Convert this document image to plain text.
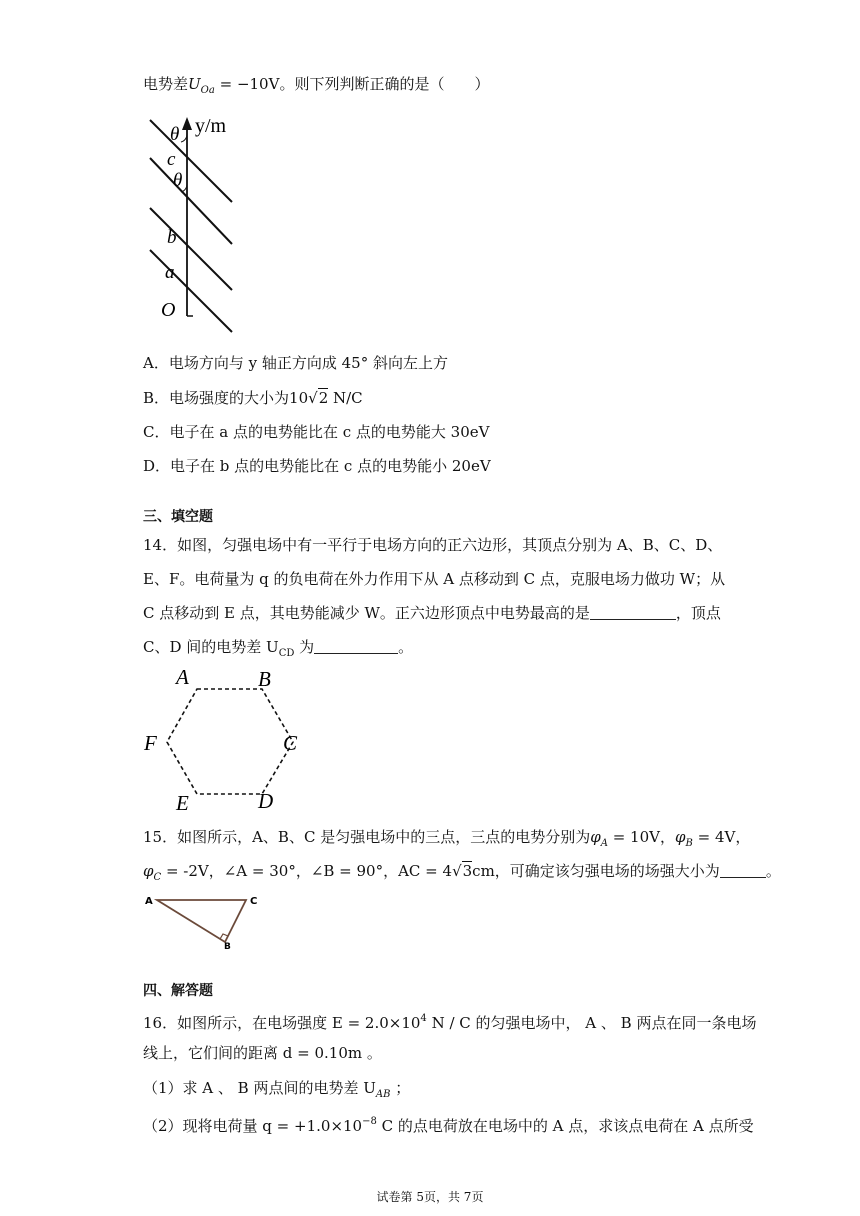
电势差$U_{Oa} = -10V$。则下列判断正确的是（　　）
θ y/m
c
θ
b
a
O
A．电场方向与 y 轴正方向成 45° 斜向左上方
B．电场强度的大小为10√2 N/C
C．电子在 a 点的电势能比在 c 点的电势能大 30eV
D．电子在 b 点的电势能比在 c 点的电势能小 20eV
三、填空题
14．如图，匀强电场中有一平行于电场方向的正六边形，其顶点分别为 A、B、C、D、
E、F。电荷量为 q 的负电荷在外力作用下从 A 点移动到 C 点，克服电场力做功 W；从
C 点移动到 E 点，其电势能减少 W。正六边形顶点中电势最高的是	，顶点
C、D 间的电势差 $U_{CD}$ 为	。
A	B
C
D
E
F
15．如图所示，A、B、C 是匀强电场中的三点，三点的电势分别为$\varphi_A = 10V$，$\varphi_B = 4V$，
$\varphi_C = -2V$，∠A = 30°，∠B = 90°，AC = 4√3cm，可确定该匀强电场的场强大小为	。
A	C
B
四、解答题
16．如图所示，在电场强度 $E = 2.0\times 10^4$ N / C 的匀强电场中， A 、 B 两点在同一条电场
线上，它们间的距离 d = 0.10m 。
（1）求 A 、 B 两点间的电势差 $U_{AB}$ ；
（2）现将电荷量 $q = +1.0\times 10^{-8}$ C 的点电荷放在电场中的 A 点，求该点电荷在 A 点所受
试卷第 5页，共 7页
